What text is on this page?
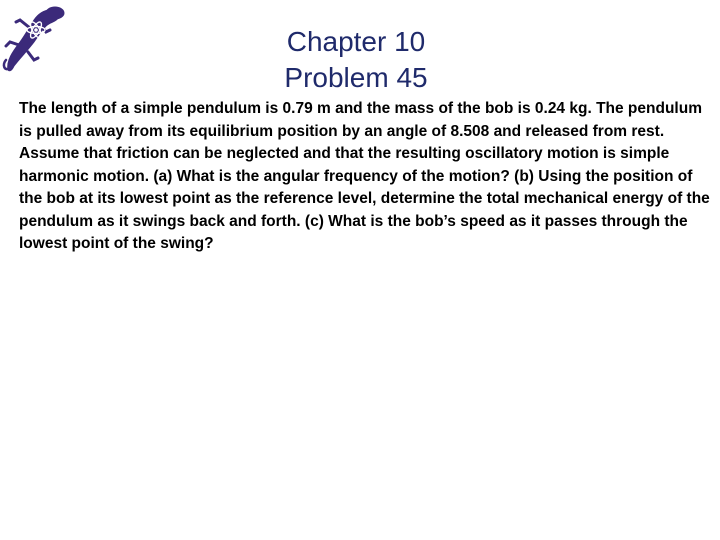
Chapter 10
Problem 45

The length of a simple pendulum is 0.79 m and the mass of the bob is 0.24 kg. The pendulum is pulled away from its equilibrium position by an angle of 8.508 and released from rest. Assume that friction can be neglected and that the resulting oscillatory motion is simple harmonic motion. (a) What is the angular frequency of the motion? (b) Using the position of the bob at its lowest point as the reference level, determine the total mechanical energy of the pendulum as it swings back and forth. (c) What is the bob’s speed as it passes through the lowest point of the swing?
